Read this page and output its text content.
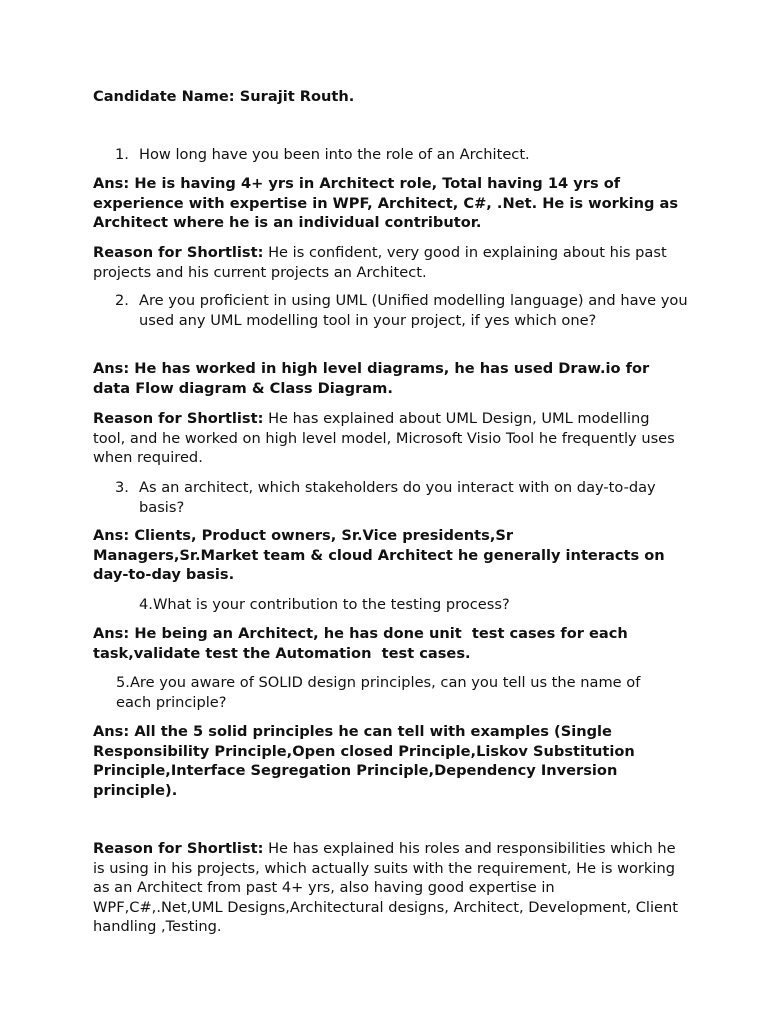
Candidate Name: Surajit Routh.

1. How long have you been into the role of an Architect.

Ans: He is having 4+ yrs in Architect role, Total having 14 yrs of experience with expertise in WPF, Architect, C#, .Net. He is working as Architect where he is an individual contributor.

Reason for Shortlist: He is confident, very good in explaining about his past projects and his current projects an Architect.

2. Are you proficient in using UML (Unified modelling language) and have you used any UML modelling tool in your project, if yes which one?

Ans: He has worked in high level diagrams, he has used Draw.io for data Flow diagram & Class Diagram.

Reason for Shortlist: He has explained about UML Design, UML modelling tool, and he worked on high level model, Microsoft Visio Tool he frequently uses when required.

3. As an architect, which stakeholders do you interact with on day-to-day basis?

Ans: Clients, Product owners, Sr.Vice presidents,Sr Managers,Sr.Market team & cloud Architect he generally interacts on day-to-day basis.

4.What is your contribution to the testing process?

Ans: He being an Architect, he has done unit  test cases for each task,validate test the Automation  test cases.

5.Are you aware of SOLID design principles, can you tell us the name of each principle?

Ans: All the 5 solid principles he can tell with examples (Single Responsibility Principle,Open closed Principle,Liskov Substitution Principle,Interface Segregation Principle,Dependency Inversion principle).

Reason for Shortlist: He has explained his roles and responsibilities which he is using in his projects, which actually suits with the requirement, He is working as an Architect from past 4+ yrs, also having good expertise in WPF,C#,.Net,UML Designs,Architectural designs, Architect, Development, Client handling ,Testing.
